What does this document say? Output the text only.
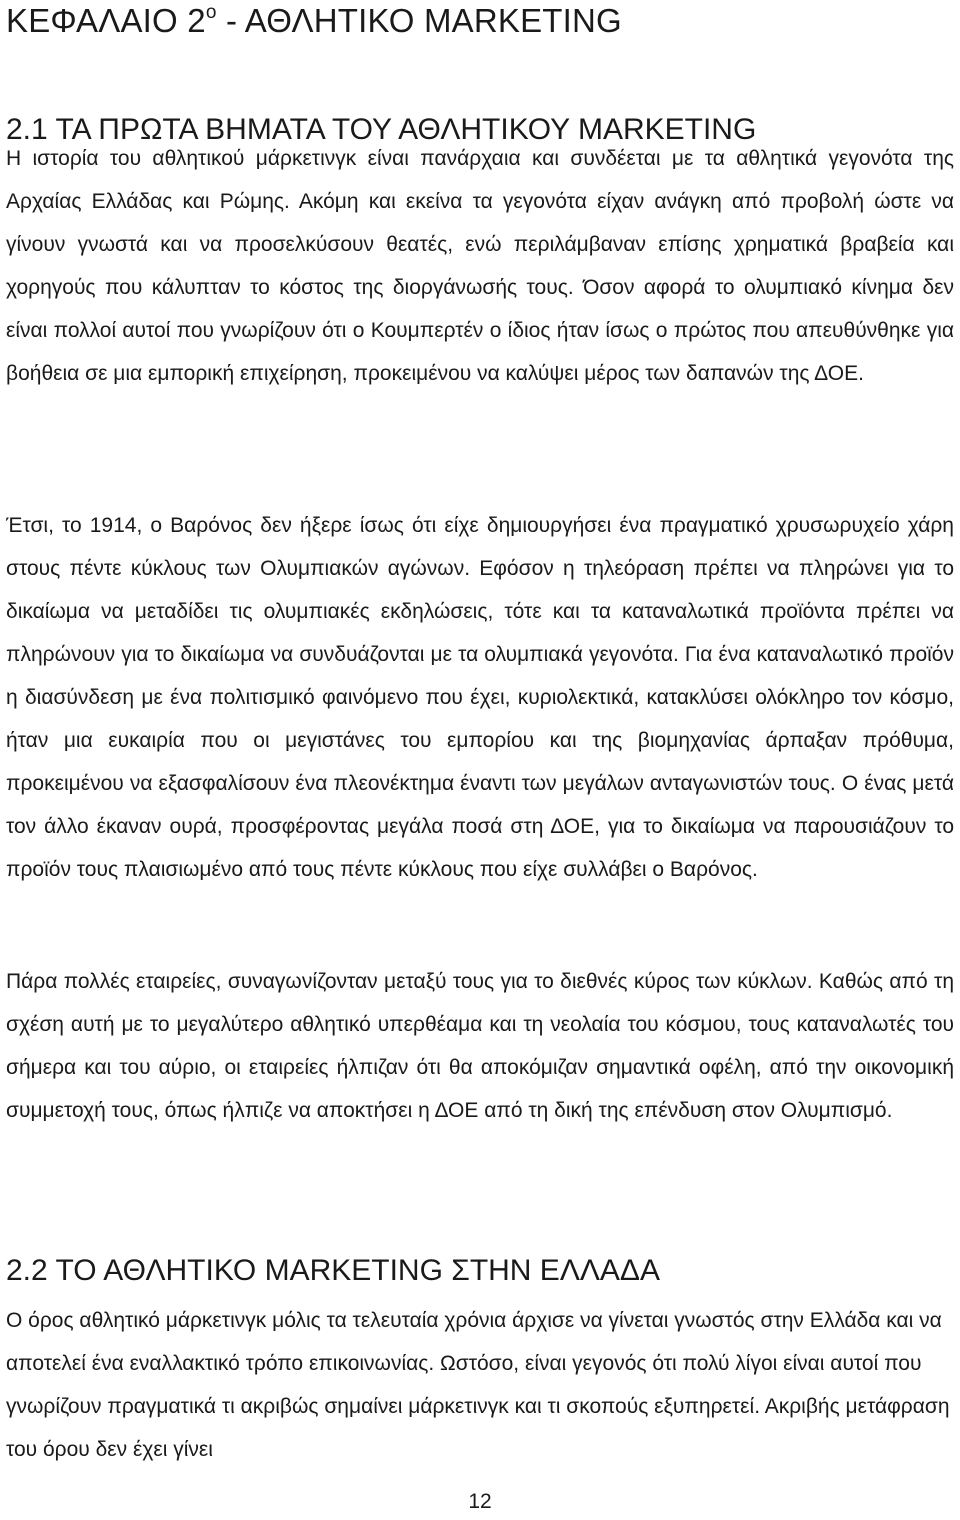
ΚΕΦΑΛΑΙΟ $2^o$ - ΑΘΛΗΤΙΚΟ MARKETING
2.1 ΤΑ ΠΡΩΤΑ ΒΗΜΑΤΑ ΤΟΥ ΑΘΛΗΤΙΚΟΥ MARKETING

Η ιστορία του αθλητικού μάρκετινγκ είναι πανάρχαια και συνδέεται με τα αθλητικά γεγονότα της Αρχαίας Ελλάδας και Ρώμης. Ακόμη και εκείνα τα γεγονότα είχαν ανάγκη από προβολή ώστε να γίνουν γνωστά και να προσελκύσουν θεατές, ενώ περιλάμβαναν επίσης χρηματικά βραβεία και χορηγούς που κάλυπταν το κόστος της διοργάνωσής τους. Όσον αφορά το ολυμπιακό κίνημα δεν είναι πολλοί αυτοί που γνωρίζουν ότι ο Κουμπερτέν ο ίδιος ήταν ίσως ο πρώτος που απευθύνθηκε για βοήθεια σε μια εμπορική επιχείρηση, προκειμένου να καλύψει μέρος των δαπανών της ΔΟΕ.

Έτσι, το 1914, ο Βαρόνος δεν ήξερε ίσως ότι είχε δημιουργήσει ένα πραγματικό χρυσωρυχείο χάρη στους πέντε κύκλους των Ολυμπιακών αγώνων. Εφόσον η τηλεόραση πρέπει να πληρώνει για το δικαίωμα να μεταδίδει τις ολυμπιακές εκδηλώσεις, τότε και τα καταναλωτικά προϊόντα πρέπει να πληρώνουν για το δικαίωμα να συνδυάζονται με τα ολυμπιακά γεγονότα. Για ένα καταναλωτικό προϊόν η διασύνδεση με ένα πολιτισμικό φαινόμενο που έχει, κυριολεκτικά, κατακλύσει ολόκληρο τον κόσμο, ήταν μια ευκαιρία που οι μεγιστάνες του εμπορίου και της βιομηχανίας άρπαξαν πρόθυμα, προκειμένου να εξασφαλίσουν ένα πλεονέκτημα έναντι των μεγάλων ανταγωνιστών τους. Ο ένας μετά τον άλλο έκαναν ουρά, προσφέροντας μεγάλα ποσά στη ΔΟΕ, για το δικαίωμα να παρουσιάζουν το προϊόν τους πλαισιωμένο από τους πέντε κύκλους που είχε συλλάβει ο Βαρόνος.

Πάρα πολλές εταιρείες, συναγωνίζονταν μεταξύ τους για το διεθνές κύρος των κύκλων. Καθώς από τη σχέση αυτή με το μεγαλύτερο αθλητικό υπερθέαμα και τη νεολαία του κόσμου, τους καταναλωτές του σήμερα και του αύριο, οι εταιρείες ήλπιζαν ότι θα αποκόμιζαν σημαντικά οφέλη, από την οικονομική συμμετοχή τους, όπως ήλπιζε να αποκτήσει η ΔΟΕ από τη δική της επένδυση στον Ολυμπισμό.

2.2 ΤΟ ΑΘΛΗΤΙΚΟ MARKETING ΣΤΗΝ ΕΛΛΑΔΑ

Ο όρος αθλητικό μάρκετινγκ μόλις τα τελευταία χρόνια άρχισε να γίνεται γνωστός στην Ελλάδα και να αποτελεί ένα εναλλακτικό τρόπο επικοινωνίας. Ωστόσο, είναι γεγονός ότι πολύ λίγοι είναι αυτοί που γνωρίζουν πραγματικά τι ακριβώς σημαίνει μάρκετινγκ και τι σκοπούς εξυπηρετεί. Ακριβής μετάφραση του όρου δεν έχει γίνει

12
